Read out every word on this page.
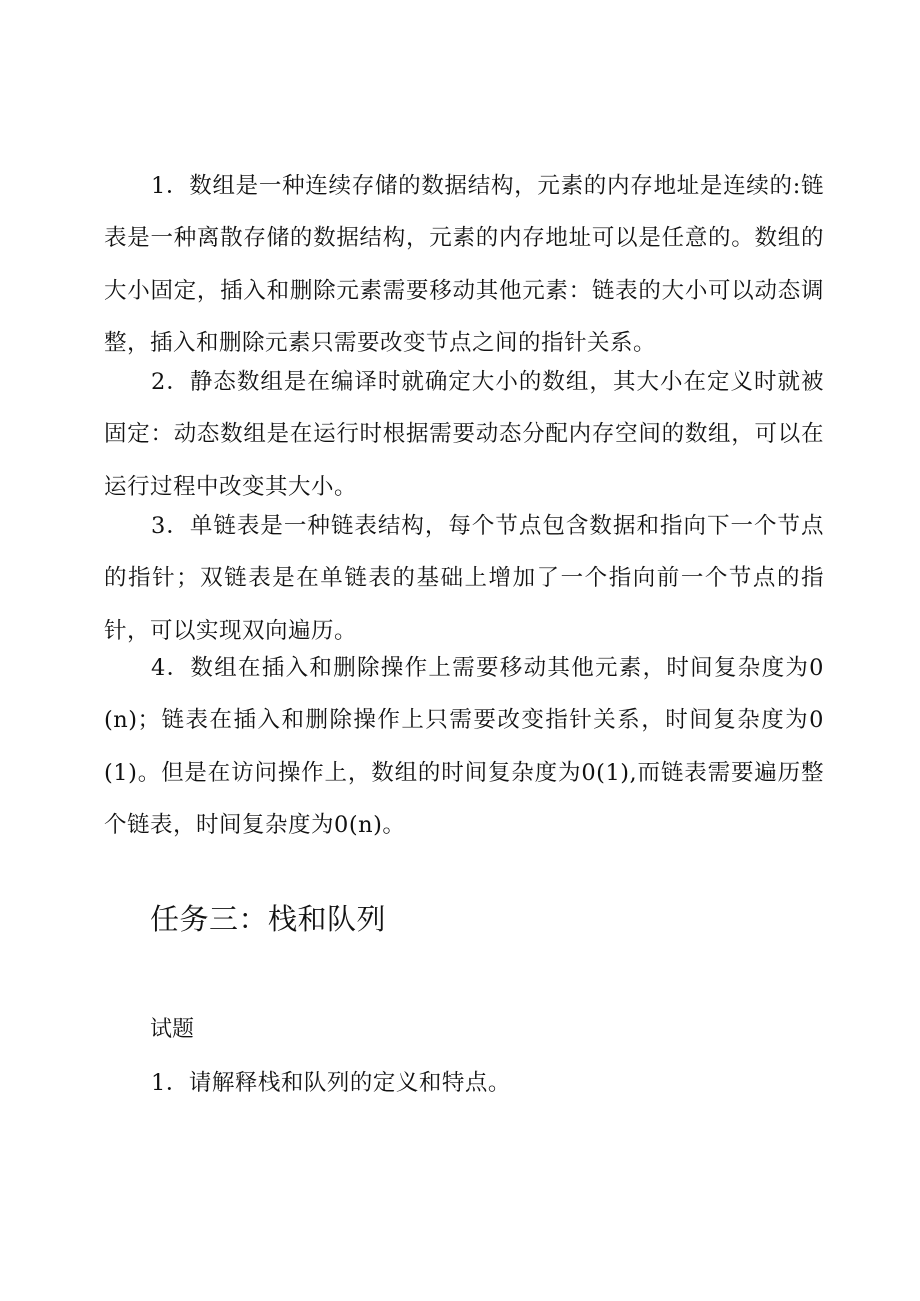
1．数组是一种连续存储的数据结构，元素的内存地址是连续的:链表是一种离散存储的数据结构，元素的内存地址可以是任意的。数组的大小固定，插入和删除元素需要移动其他元素：链表的大小可以动态调整，插入和删除元素只需要改变节点之间的指针关系。

2．静态数组是在编译时就确定大小的数组，其大小在定义时就被固定：动态数组是在运行时根据需要动态分配内存空间的数组，可以在运行过程中改变其大小。

3．单链表是一种链表结构，每个节点包含数据和指向下一个节点的指针；双链表是在单链表的基础上增加了一个指向前一个节点的指针，可以实现双向遍历。

4．数组在插入和删除操作上需要移动其他元素，时间复杂度为0(n)；链表在插入和删除操作上只需要改变指针关系，时间复杂度为0(1)。但是在访问操作上，数组的时间复杂度为0(1),而链表需要遍历整个链表，时间复杂度为0(n)。

任务三：栈和队列
试题

1．请解释栈和队列的定义和特点。
